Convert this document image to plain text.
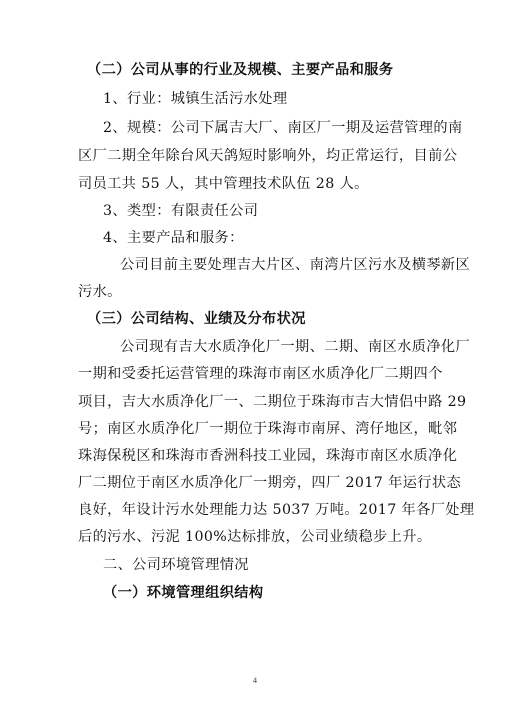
（二）公司从事的行业及规模、主要产品和服务
1、行业：城镇生活污水处理
2、规模：公司下属吉大厂、南区厂一期及运营管理的南
区厂二期全年除台风天鸽短时影响外，均正常运行，目前公
司员工共 55 人，其中管理技术队伍 28 人。
3、类型：有限责任公司
4、主要产品和服务：
公司目前主要处理吉大片区、南湾片区污水及横琴新区
污水。
（三）公司结构、业绩及分布状况
公司现有吉大水质净化厂一期、二期、南区水质净化厂
一期和受委托运营管理的珠海市南区水质净化厂二期四个
项目，吉大水质净化厂一、二期位于珠海市吉大情侣中路 29
号；南区水质净化厂一期位于珠海市南屏、湾仔地区，毗邻
珠海保税区和珠海市香洲科技工业园，珠海市南区水质净化
厂二期位于南区水质净化厂一期旁，四厂 2017 年运行状态
良好，年设计污水处理能力达 5037 万吨。2017 年各厂处理
后的污水、污泥 100%达标排放，公司业绩稳步上升。
二、公司环境管理情况
（一）环境管理组织结构
4
